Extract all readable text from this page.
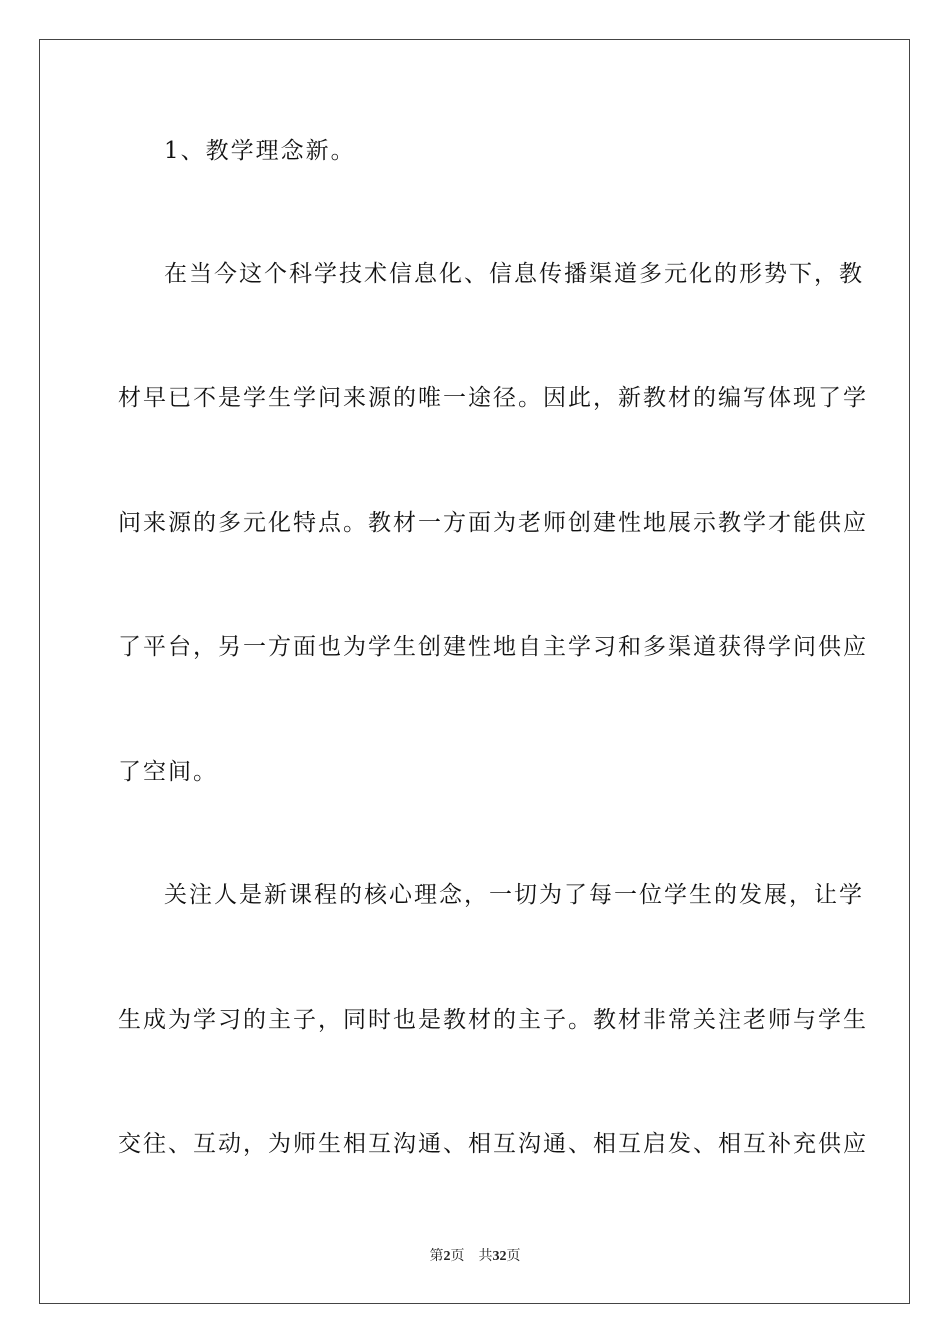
1、教学理念新。
在当今这个科学技术信息化、信息传播渠道多元化的形势下，教
材早已不是学生学问来源的唯一途径。因此，新教材的编写体现了学
问来源的多元化特点。教材一方面为老师创建性地展示教学才能供应
了平台，另一方面也为学生创建性地自主学习和多渠道获得学问供应
了空间。
关注人是新课程的核心理念，一切为了每一位学生的发展，让学
生成为学习的主子，同时也是教材的主子。教材非常关注老师与学生
交往、互动，为师生相互沟通、相互沟通、相互启发、相互补充供应
第2页 共32页
